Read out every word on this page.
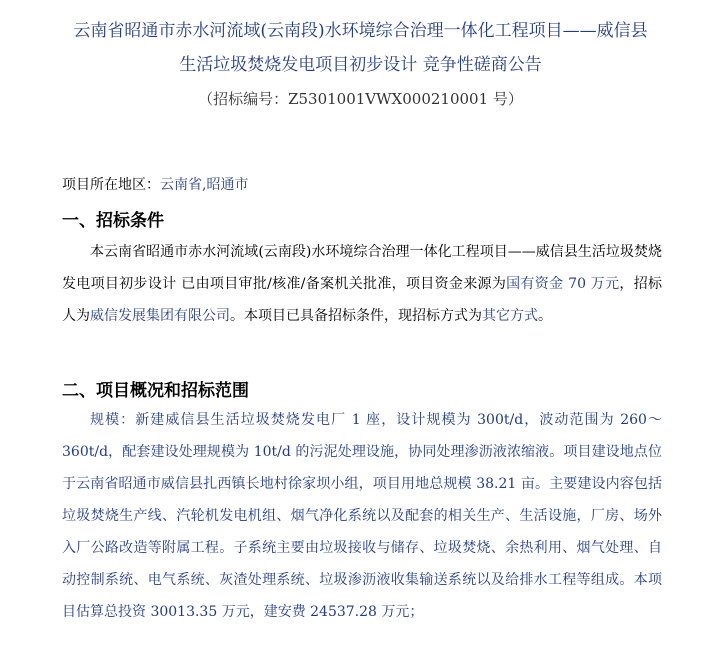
云南省昭通市赤水河流域(云南段)水环境综合治理一体化工程项目——威信县

生活垃圾焚烧发电项目初步设计 竞争性磋商公告

（招标编号：Z5301001VWX000210001 号）

项目所在地区：云南省,昭通市
一、招标条件

本云南省昭通市赤水河流域(云南段)水环境综合治理一体化工程项目——威信县生活垃圾焚烧发电项目初步设计 已由项目审批/核准/备案机关批准，项目资金来源为国有资金 70 万元，招标人为威信发展集团有限公司。本项目已具备招标条件，现招标方式为其它方式。

二、项目概况和招标范围

规模：新建威信县生活垃圾焚烧发电厂 1 座，设计规模为 300t/d，波动范围为 260～360t/d，配套建设处理规模为 10t/d 的污泥处理设施，协同处理渗沥液浓缩液。项目建设地点位于云南省昭通市威信县扎西镇长地村徐家坝小组，项目用地总规模 38.21 亩。主要建设内容包括垃圾焚烧生产线、汽轮机发电机组、烟气净化系统以及配套的相关生产、生活设施，厂房、场外入厂公路改造等附属工程。子系统主要由垃圾接收与储存、垃圾焚烧、余热利用、烟气处理、自动控制系统、电气系统、灰渣处理系统、垃圾渗沥液收集输送系统以及给排水工程等组成。本项目估算总投资 30013.35 万元，建安费 24537.28 万元；
